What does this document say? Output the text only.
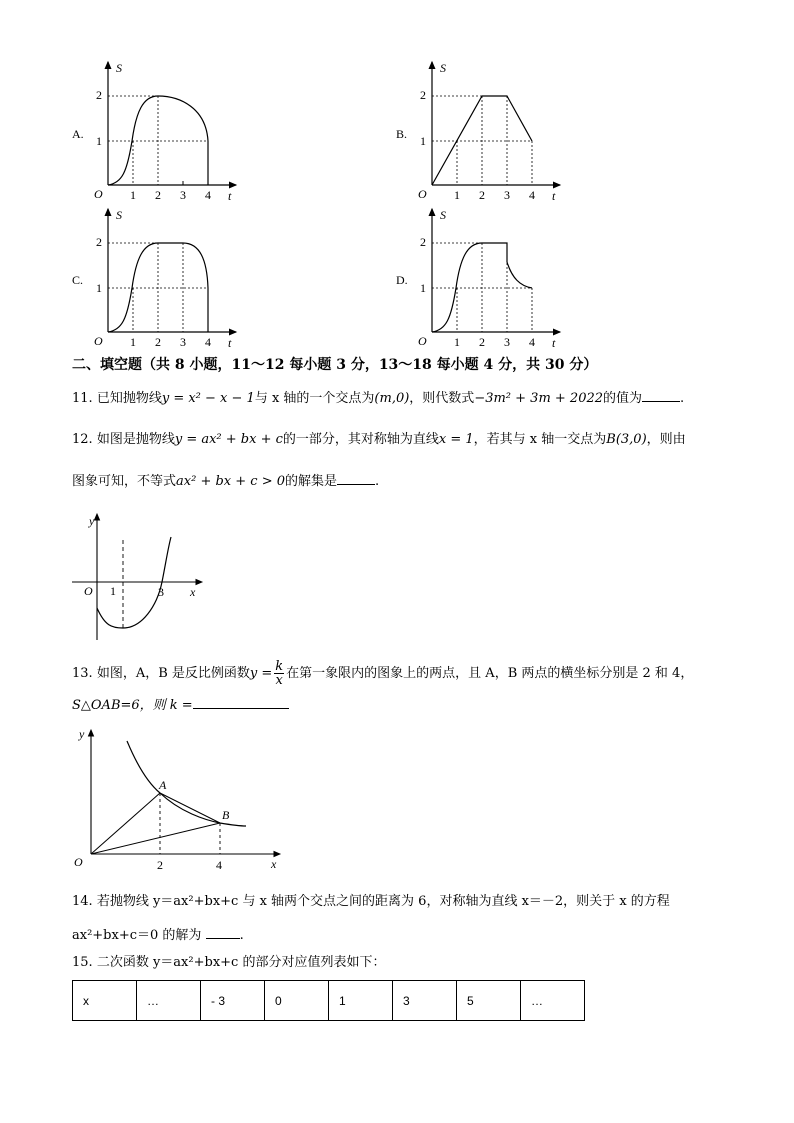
A.
S
t
O
2
1
1 2 3 4
B.
S
t
O
2
1
1 2 3 4
C.
S
t
O
2
1
1 2 3 4
D.
S
t
O
2
1
1 2 3 4
二、填空题（共 8 小题，11～12 每小题 3 分，13～18 每小题 4 分，共 30 分）
11. 已知抛物线y = x² − x − 1与 x 轴的一个交点为(m,0)，则代数式−3m² + 3m + 2022的值为	.
12. 如图是抛物线y = ax² + bx + c的一部分，其对称轴为直线x = 1，若其与 x 轴一交点为B(3,0)，则由
图象可知，不等式ax² + bx + c > 0的解集是	.
y
x
O 1	3
13. 如图，A，B 是反比例函数$y = \frac{k}{x}$ 在第一象限内的图象上的两点，且 A，B 两点的横坐标分别是 2 和 4，
S△OAB=6，则 k =
y
x
O	2	4
A
B
14. 若抛物线 y＝ax²+bx+c 与 x 轴两个交点之间的距离为 6，对称轴为直线 x＝－2，则关于 x 的方程
ax²+bx+c＝0 的解为	.
15. 二次函数 y＝ax²+bx+c 的部分对应值列表如下：
x	…	- 3	0	1	3	5	…
